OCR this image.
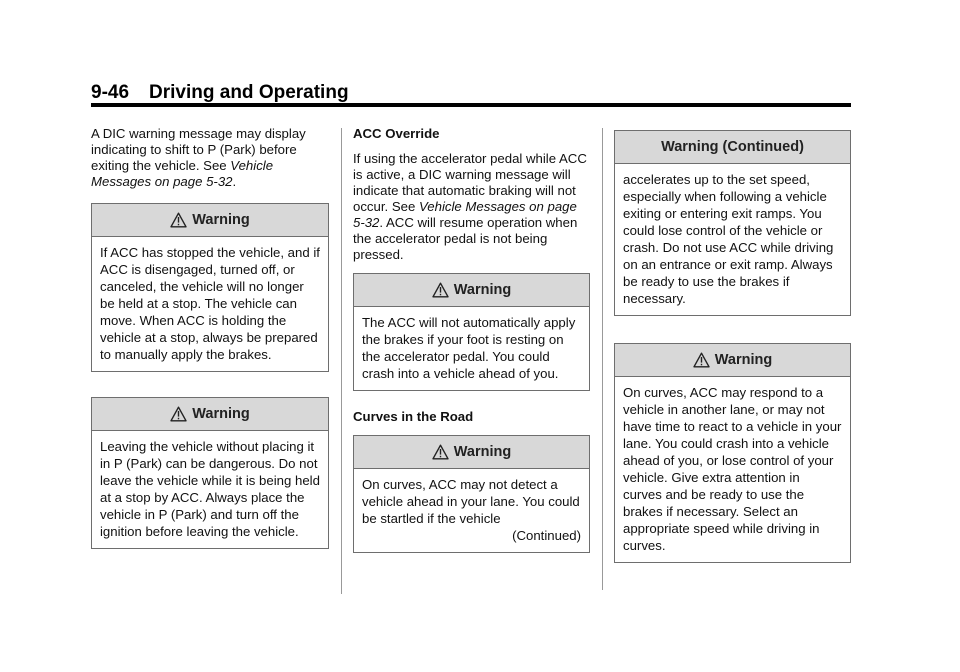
9-46 Driving and Operating

A DIC warning message may display indicating to shift to P (Park) before exiting the vehicle. See Vehicle Messages on page 5-32.

Warning
If ACC has stopped the vehicle, and if ACC is disengaged, turned off, or canceled, the vehicle will no longer be held at a stop. The vehicle can move. When ACC is holding the vehicle at a stop, always be prepared to manually apply the brakes.
Warning
Leaving the vehicle without placing it in P (Park) can be dangerous. Do not leave the vehicle while it is being held at a stop by ACC. Always place the vehicle in P (Park) and turn off the ignition before leaving the vehicle.

ACC Override

If using the accelerator pedal while ACC is active, a DIC warning message will indicate that automatic braking will not occur. See Vehicle Messages on page 5-32. ACC will resume operation when the accelerator pedal is not being pressed.

Warning
The ACC will not automatically apply the brakes if your foot is resting on the accelerator pedal. You could crash into a vehicle ahead of you.

Curves in the Road

Warning
On curves, ACC may not detect a vehicle ahead in your lane. You could be startled if the vehicle
(Continued)
Warning (Continued)
accelerates up to the set speed, especially when following a vehicle exiting or entering exit ramps. You could lose control of the vehicle or crash. Do not use ACC while driving on an entrance or exit ramp. Always be ready to use the brakes if necessary.
Warning
On curves, ACC may respond to a vehicle in another lane, or may not have time to react to a vehicle in your lane. You could crash into a vehicle ahead of you, or lose control of your vehicle. Give extra attention in curves and be ready to use the brakes if necessary. Select an appropriate speed while driving in curves.
